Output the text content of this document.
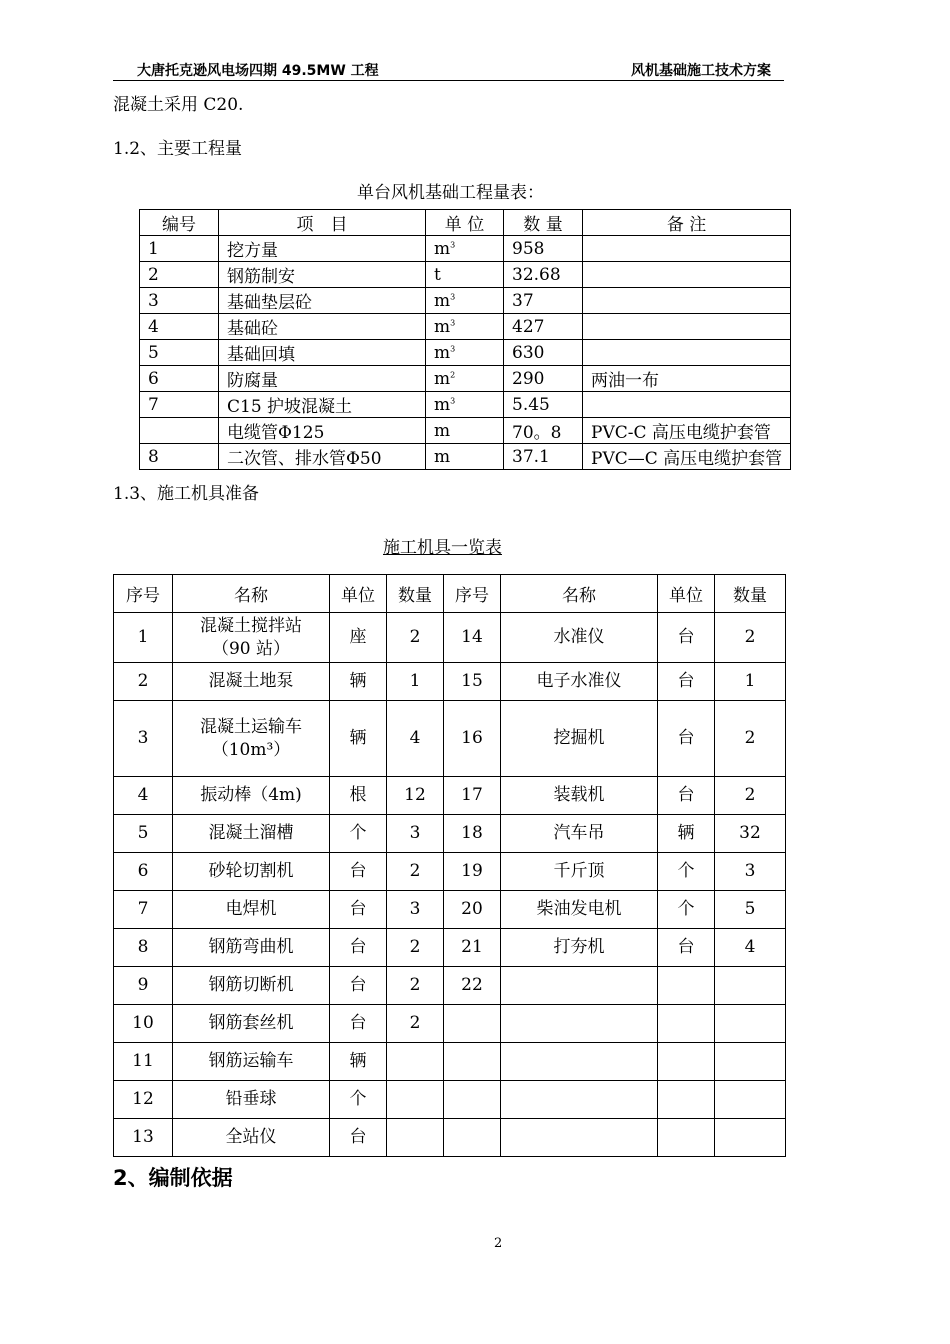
大唐托克逊风电场四期 49.5MW 工程	风机基础施工技术方案
混凝土采用 C20.
1.2、主要工程量
单台风机基础工程量表：
编号	项　目	单 位	数 量	备 注
1	挖方量	$m^3$	958	
2	钢筋制安	t	32.68	
3	基础垫层砼	$m^3$	37	
4	基础砼	$m^3$	427	
5	基础回填	$m^3$	630	
6	防腐量	$m^2$	290	两油一布
7	C15 护坡混凝土	$m^3$	5.45	
	电缆管Φ125	m	70。8	PVC-C 高压电缆护套管
8	二次管、排水管Φ50	m	37.1	PVC—C 高压电缆护套管
1.3、施工机具准备
施工机具一览表
序号	名称	单位	数量	序号	名称	单位	数量
1	混凝土搅拌站
（90 站）	座	2	14	水准仪	台	2
2	混凝土地泵	辆	1	15	电子水准仪	台	1
3	混凝土运输车
（10m³）	辆	4	16	挖掘机	台	2
4	振动棒（4m)	根	12	17	装载机	台	2
5	混凝土溜槽	个	3	18	汽车吊	辆	32
6	砂轮切割机	台	2	19	千斤顶	个	3
7	电焊机	台	3	20	柴油发电机	个	5
8	钢筋弯曲机	台	2	21	打夯机	台	4
9	钢筋切断机	台	2	22			
10	钢筋套丝机	台	2				
11	钢筋运输车	辆					
12	铅垂球	个					
13	全站仪	台					
2、编制依据
2
